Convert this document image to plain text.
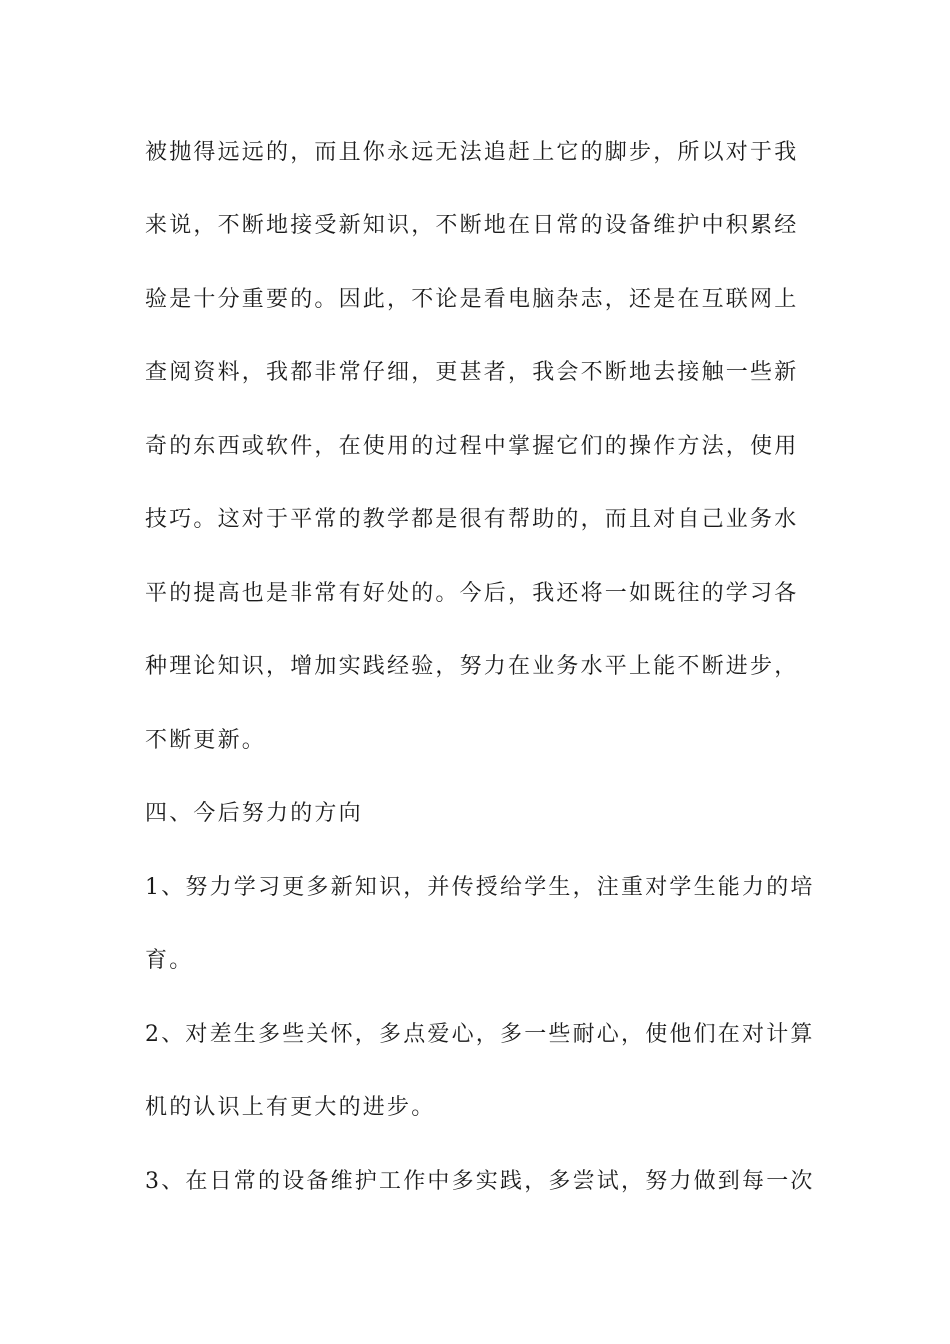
被抛得远远的，而且你永远无法追赶上它的脚步，所以对于我
来说，不断地接受新知识，不断地在日常的设备维护中积累经
验是十分重要的。因此，不论是看电脑杂志，还是在互联网上
查阅资料，我都非常仔细，更甚者，我会不断地去接触一些新
奇的东西或软件，在使用的过程中掌握它们的操作方法，使用
技巧。这对于平常的教学都是很有帮助的，而且对自己业务水
平的提高也是非常有好处的。今后，我还将一如既往的学习各
种理论知识，增加实践经验，努力在业务水平上能不断进步，
不断更新。
四、今后努力的方向
1、努力学习更多新知识，并传授给学生，注重对学生能力的培
育。
2、对差生多些关怀，多点爱心，多一些耐心，使他们在对计算
机的认识上有更大的进步。
3、在日常的设备维护工作中多实践，多尝试，努力做到每一次
